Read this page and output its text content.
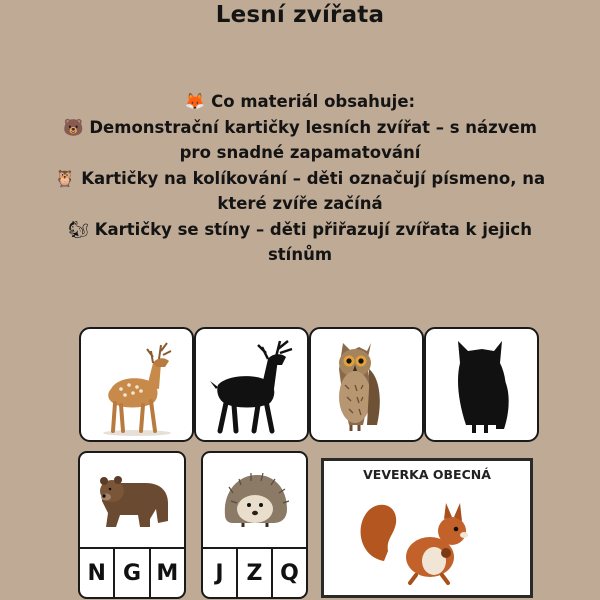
Lesní zvířata
🦊 Co materiál obsahuje:
🐻 Demonstrační kartičky lesních zvířat – s názvem
pro snadné zapamatování
🦉 Kartičky na kolíkování – děti označují písmeno, na
které zvíře začíná
🐿 Kartičky se stíny – děti přiřazují zvířata k jejich
stínům
N G M	J	Z Q
VEVERKA OBECNÁ
